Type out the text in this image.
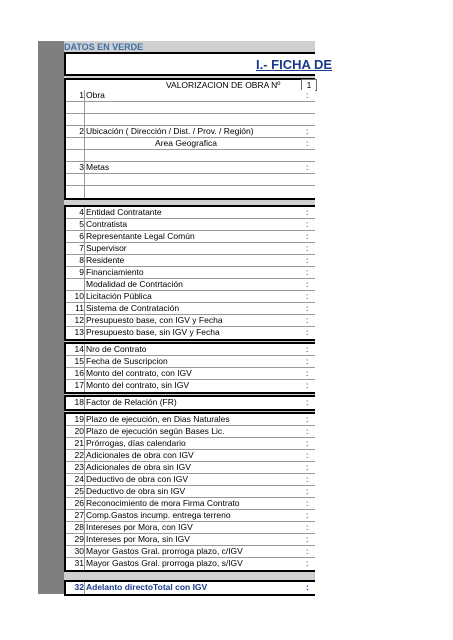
DATOS EN VERDE
I.- FICHA DE
VALORIZACION DE OBRA Nº	1
1 Obra	:
2 Ubicación ( Dirección / Dist. / Prov. / Región)	:
Area Geografica	:
3 Metas	:
4 Entidad Contratante	:
5 Contratista	:
6 Representante Legal Común	:
7 Supervisor	:
8 Residente	:
9 Financiamiento	:
Modalidad de Contrtación	:
10 Licitación Pública	:
11 Sistema de Contratación	:
12 Presupuesto base, con IGV y Fecha	:
13 Presupuesto base, sin IGV y Fecha	:
14 Nro de Contrato	:
15 Fecha de Suscripcion	:
16 Monto del contrato, con IGV	:
17 Monto del contrato, sin IGV	:
18 Factor de Relación (FR)	:
19 Plazo de ejecución, en Dias Naturales	:
20 Plazo de ejecución según Bases Lic.	:
21 Prórrogas, días calendario	:
22 Adicionales de obra con IGV	:
23 Adicionales de obra sin IGV	:
24 Deductivo de obra con IGV	:
25 Deductivo de obra sin IGV	:
26 Reconocimiento de mora Firma Contrato	:
27 Comp.Gastos incump. entrega terreno	:
28 Intereses por Mora, con IGV	:
29 Intereses por Mora, sin IGV	:
30 Mayor Gastos Gral. prorroga plazo, c/IGV	:
31 Mayor Gastos Gral. prorroga plazo, s/IGV	:
32 Adelanto directoTotal con IGV	:
